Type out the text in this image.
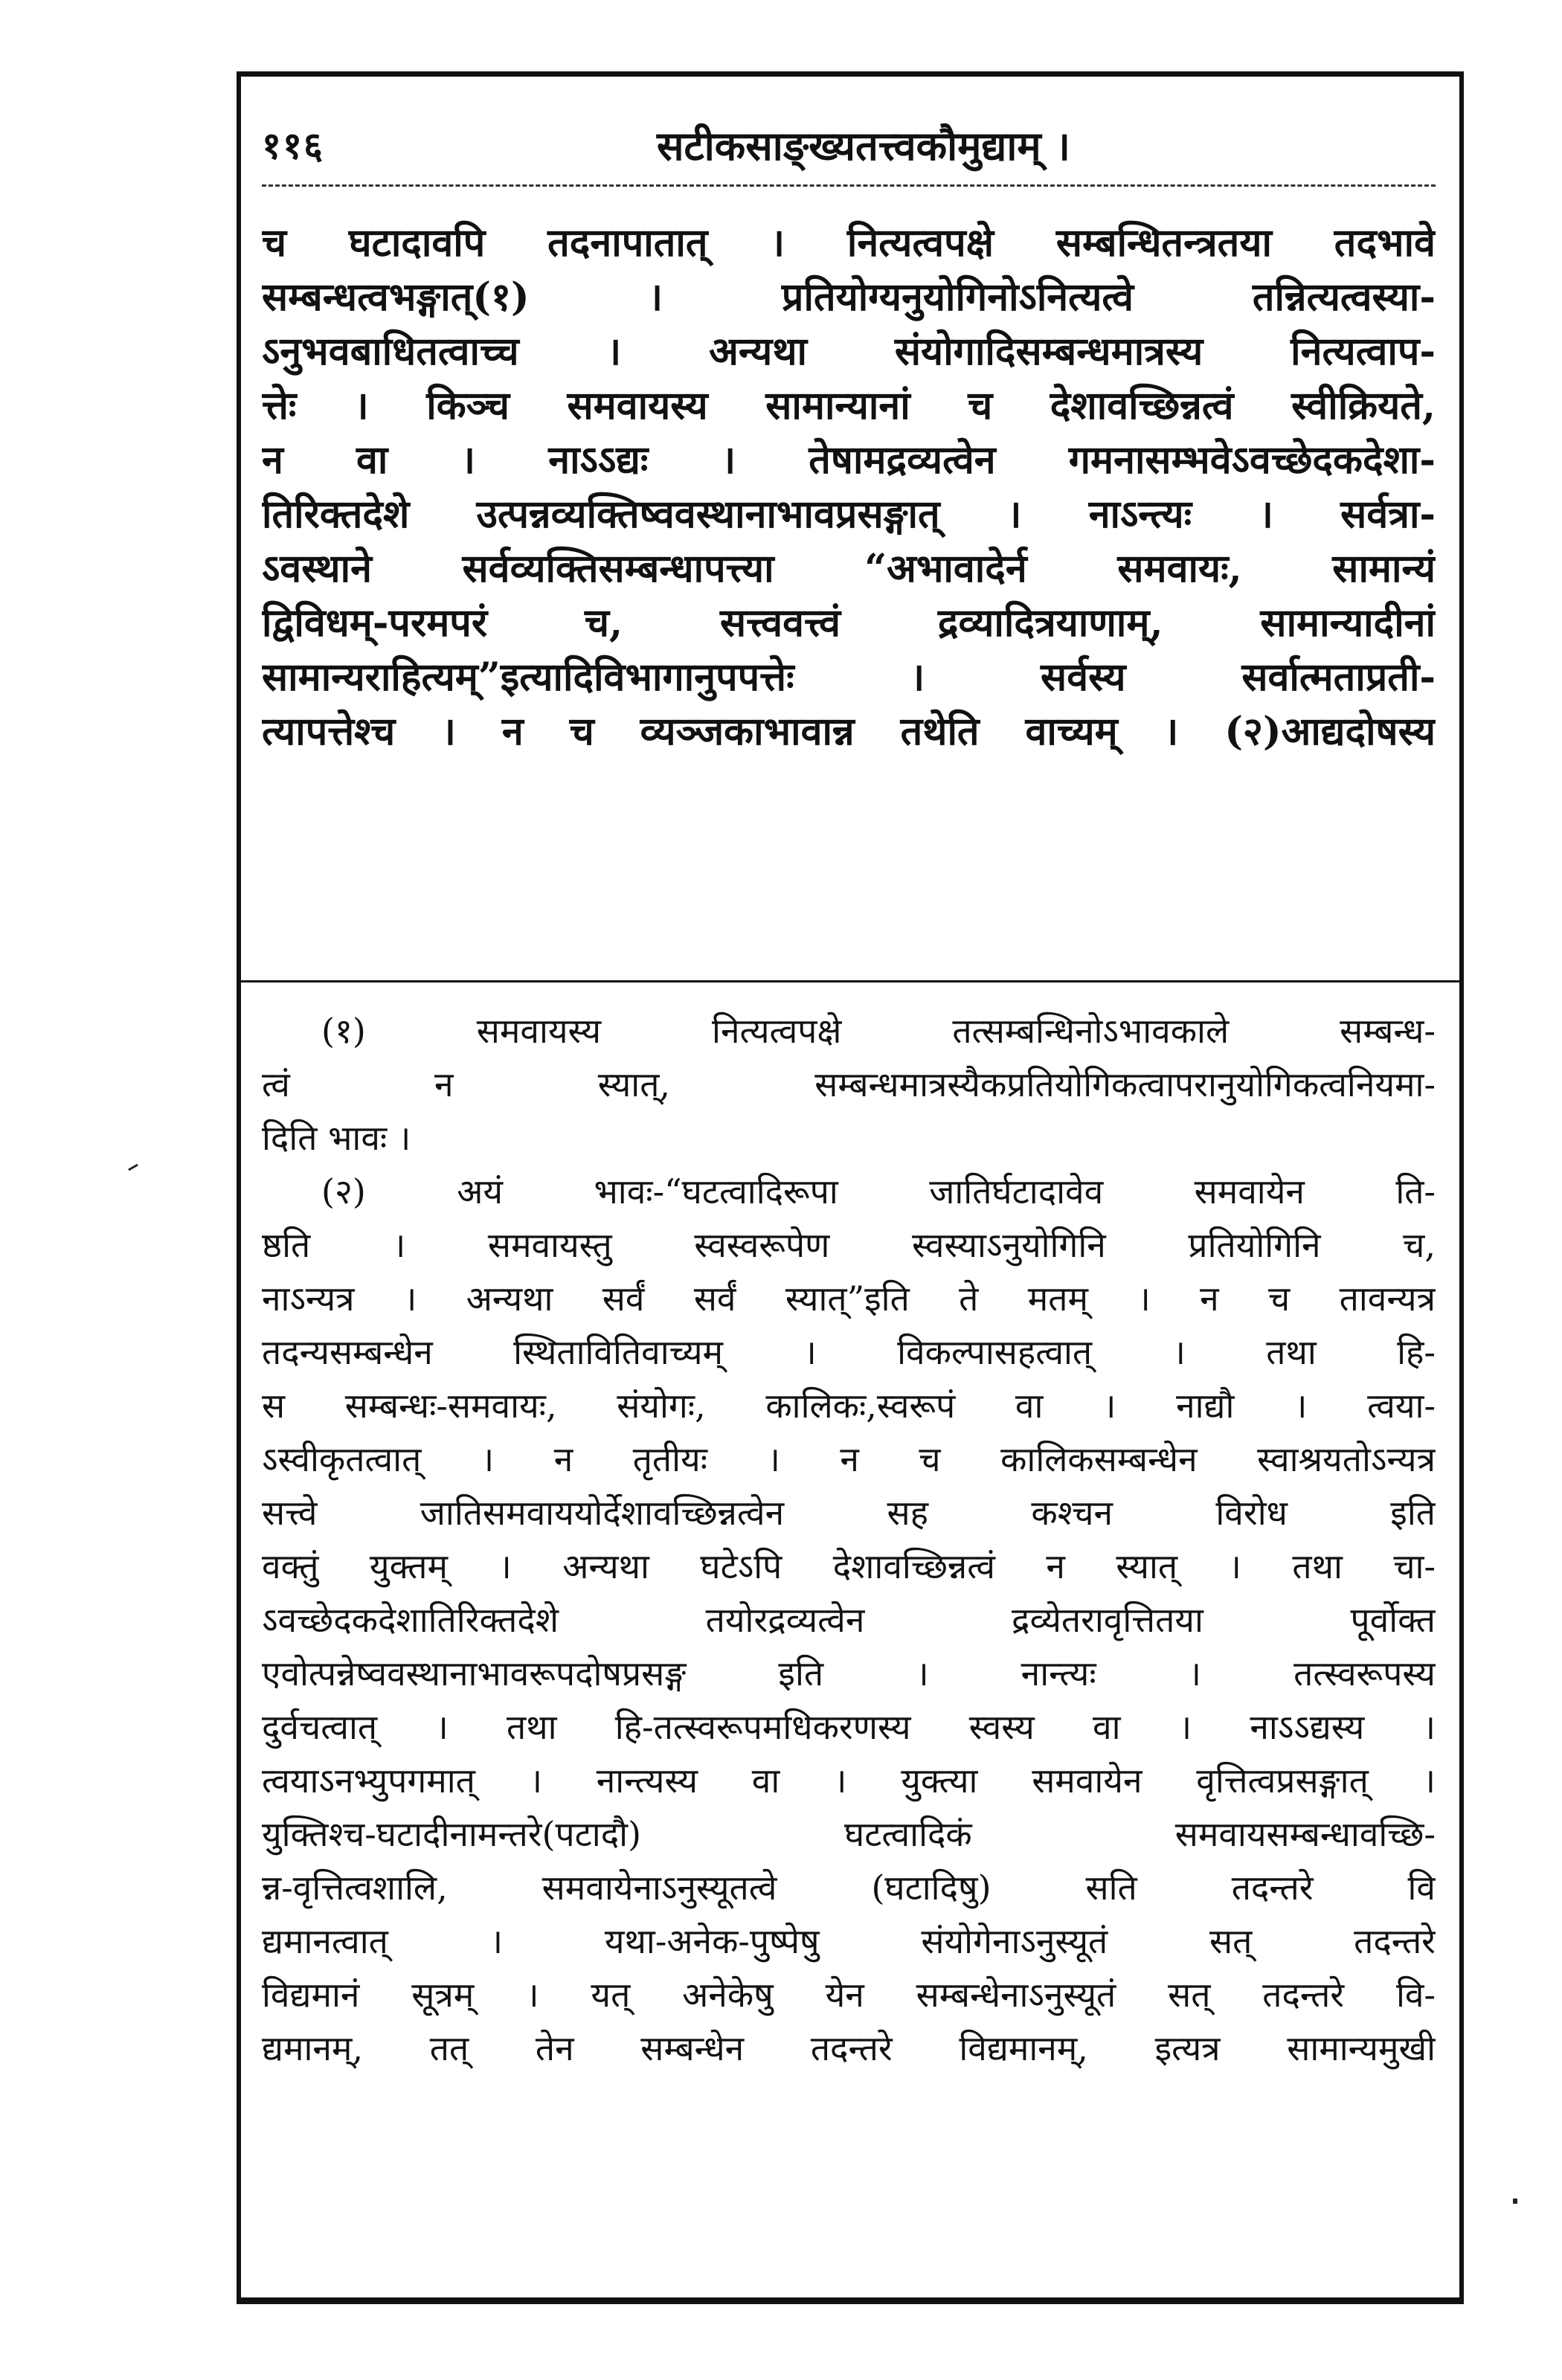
११६	सटीकसाङ्ख्यतत्त्वकौमुद्याम् ।
च घटादावपि तदनापातात् । नित्यत्वपक्षे सम्बन्धितन्त्रतया तदभावे
सम्बन्धत्वभङ्गात्(१) । प्रतियोग्यनुयोगिनोऽनित्यत्वे तन्नित्यत्वस्या-
ऽनुभवबाधितत्वाच्च । अन्यथा संयोगादिसम्बन्धमात्रस्य नित्यत्वाप-
त्तेः । किञ्च समवायस्य सामान्यानां च देशावच्छिन्नत्वं स्वीक्रियते,
न वा । नाऽऽद्यः । तेषामद्रव्यत्वेन गमनासम्भवेऽवच्छेदकदेशा-
तिरिक्तदेशे उत्पन्नव्यक्तिष्ववस्थानाभावप्रसङ्गात् । नाऽन्त्यः । सर्वत्रा-
ऽवस्थाने सर्वव्यक्तिसम्बन्धापत्त्या “अभावादेर्न समवायः, सामान्यं
द्विविधम्-परमपरं च, सत्त्ववत्त्वं द्रव्यादित्रयाणाम्, सामान्यादीनां
सामान्यराहित्यम्”इत्यादिविभागानुपपत्तेः । सर्वस्य सर्वात्मताप्रती-
त्यापत्तेश्च । न च व्यञ्जकाभावान्न तथेति वाच्यम् । (२)आद्यदोषस्य
(१) समवायस्य नित्यत्वपक्षे तत्सम्बन्धिनोऽभावकाले सम्बन्ध-
त्वं न स्यात्, सम्बन्धमात्रस्यैकप्रतियोगिकत्वापरानुयोगिकत्वनियमा-
दिति भावः ।
(२) अयं भावः-“घटत्वादिरूपा जातिर्घटादावेव समवायेन ति-
ष्ठति । समवायस्तु स्वस्वरूपेण स्वस्याऽनुयोगिनि प्रतियोगिनि च,
नाऽन्यत्र । अन्यथा सर्वं सर्वं स्यात्”इति ते मतम् । न च तावन्यत्र
तदन्यसम्बन्धेन स्थितावितिवाच्यम् । विकल्पासहत्वात् । तथा हि-
स सम्बन्धः-समवायः, संयोगः, कालिकः,स्वरूपं वा । नाद्यौ । त्वया-
ऽस्वीकृतत्वात् । न तृतीयः । न च कालिकसम्बन्धेन स्वाश्रयतोऽन्यत्र
सत्त्वे जातिसमवाययोर्देशावच्छिन्नत्वेन सह कश्चन विरोध इति
वक्तुं युक्तम् । अन्यथा घटेऽपि देशावच्छिन्नत्वं न स्यात् । तथा चा-
ऽवच्छेदकदेशातिरिक्तदेशे तयोरद्रव्यत्वेन द्रव्येतरावृत्तितया पूर्वोक्त
एवोत्पन्नेष्ववस्थानाभावरूपदोषप्रसङ्ग इति । नान्त्यः । तत्स्वरूपस्य
दुर्वचत्वात् । तथा हि-तत्स्वरूपमधिकरणस्य स्वस्य वा । नाऽऽद्यस्य ।
त्वयाऽनभ्युपगमात् । नान्त्यस्य वा । युक्त्या समवायेन वृत्तित्वप्रसङ्गात् ।
युक्तिश्च-घटादीनामन्तरे(पटादौ) घटत्वादिकं समवायसम्बन्धावच्छि-
न्न-वृत्तित्वशालि, समवायेनाऽनुस्यूतत्वे (घटादिषु) सति तदन्तरे वि
द्यमानत्वात् । यथा-अनेक-पुष्पेषु संयोगेनाऽनुस्यूतं सत् तदन्तरे
विद्यमानं सूत्रम् । यत् अनेकेषु येन सम्बन्धेनाऽनुस्यूतं सत् तदन्तरे वि-
द्यमानम्, तत् तेन सम्बन्धेन तदन्तरे विद्यमानम्, इत्यत्र सामान्यमुखी
